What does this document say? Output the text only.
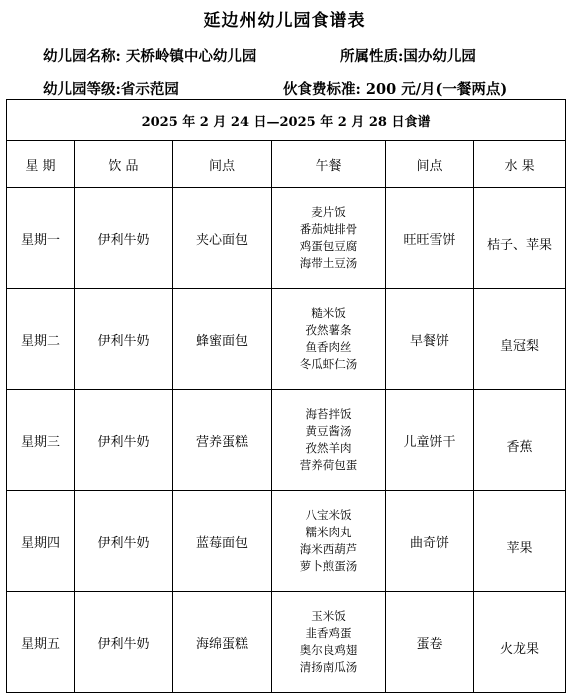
延边州幼儿园食谱表
幼儿园名称: 天桥岭镇中心幼儿园	所属性质:国办幼儿园
幼儿园等级:省示范园	伙食费标准: 200 元/月(一餐两点)
2025 年 2 月 24 日—2025 年 2 月 28 日食谱					
星 期	饮 品	间点	午餐	间点	水 果
星期一	伊利牛奶	夹心面包	麦片饭
番茄炖排骨
鸡蛋包豆腐
海带土豆汤	旺旺雪饼	桔子、苹果
星期二	伊利牛奶	蜂蜜面包	糙米饭
孜然薯条
鱼香肉丝
冬瓜虾仁汤	早餐饼	皇冠梨
星期三	伊利牛奶	营养蛋糕	海苔拌饭
黄豆酱汤
孜然羊肉
营养荷包蛋	儿童饼干	香蕉
星期四	伊利牛奶	蓝莓面包	八宝米饭
糯米肉丸
海米西葫芦
萝卜煎蛋汤	曲奇饼	苹果
星期五	伊利牛奶	海绵蛋糕	玉米饭
韭香鸡蛋
奥尔良鸡翅
清扬南瓜汤	蛋卷	火龙果
